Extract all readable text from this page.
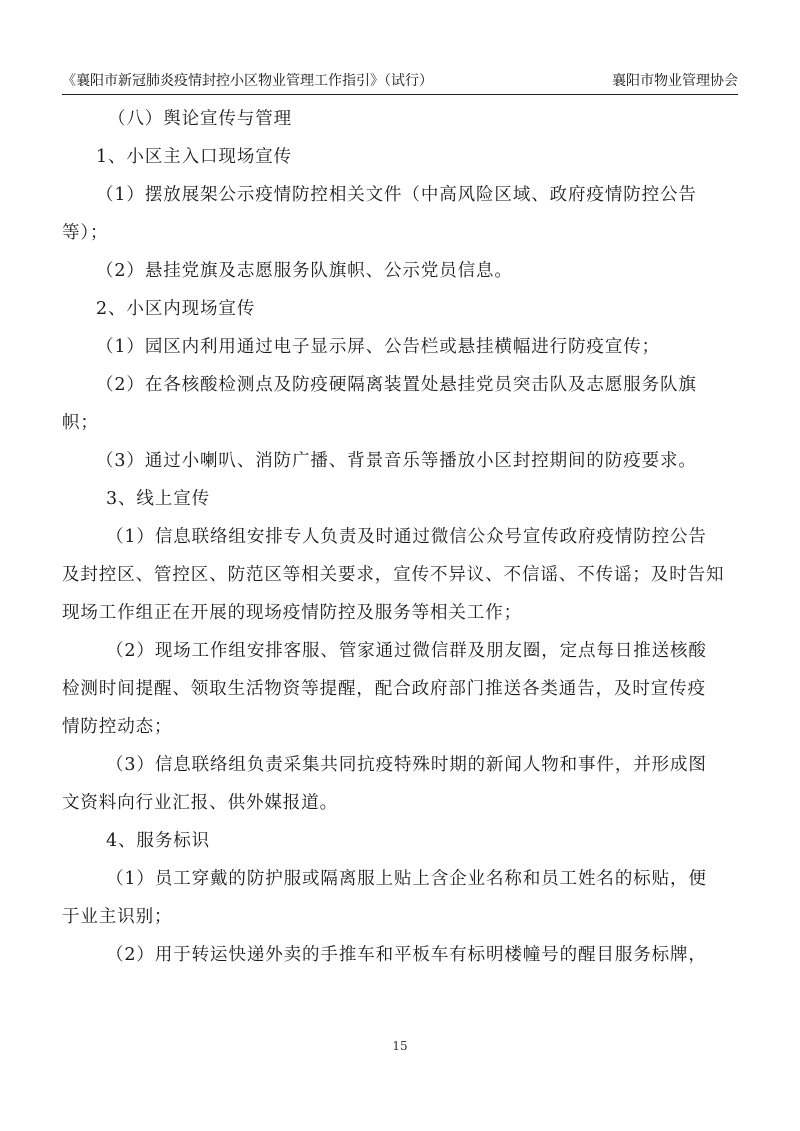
《襄阳市新冠肺炎疫情封控小区物业管理工作指引》（试行）	襄阳市物业管理协会
（八）舆论宣传与管理
1、小区主入口现场宣传
（1）摆放展架公示疫情防控相关文件（中高风险区域、政府疫情防控公告
等）；
（2）悬挂党旗及志愿服务队旗帜、公示党员信息。
2、小区内现场宣传
（1）园区内利用通过电子显示屏、公告栏或悬挂横幅进行防疫宣传；
（2）在各核酸检测点及防疫硬隔离装置处悬挂党员突击队及志愿服务队旗
帜；
（3）通过小喇叭、消防广播、背景音乐等播放小区封控期间的防疫要求。
3、线上宣传
（1）信息联络组安排专人负责及时通过微信公众号宣传政府疫情防控公告
及封控区、管控区、防范区等相关要求，宣传不异议、不信谣、不传谣；及时告知
现场工作组正在开展的现场疫情防控及服务等相关工作；
（2）现场工作组安排客服、管家通过微信群及朋友圈，定点每日推送核酸
检测时间提醒、领取生活物资等提醒，配合政府部门推送各类通告，及时宣传疫
情防控动态；
（3）信息联络组负责采集共同抗疫特殊时期的新闻人物和事件，并形成图
文资料向行业汇报、供外媒报道。
4、服务标识
（1）员工穿戴的防护服或隔离服上贴上含企业名称和员工姓名的标贴，便
于业主识别；
（2）用于转运快递外卖的手推车和平板车有标明楼幢号的醒目服务标牌，
15
